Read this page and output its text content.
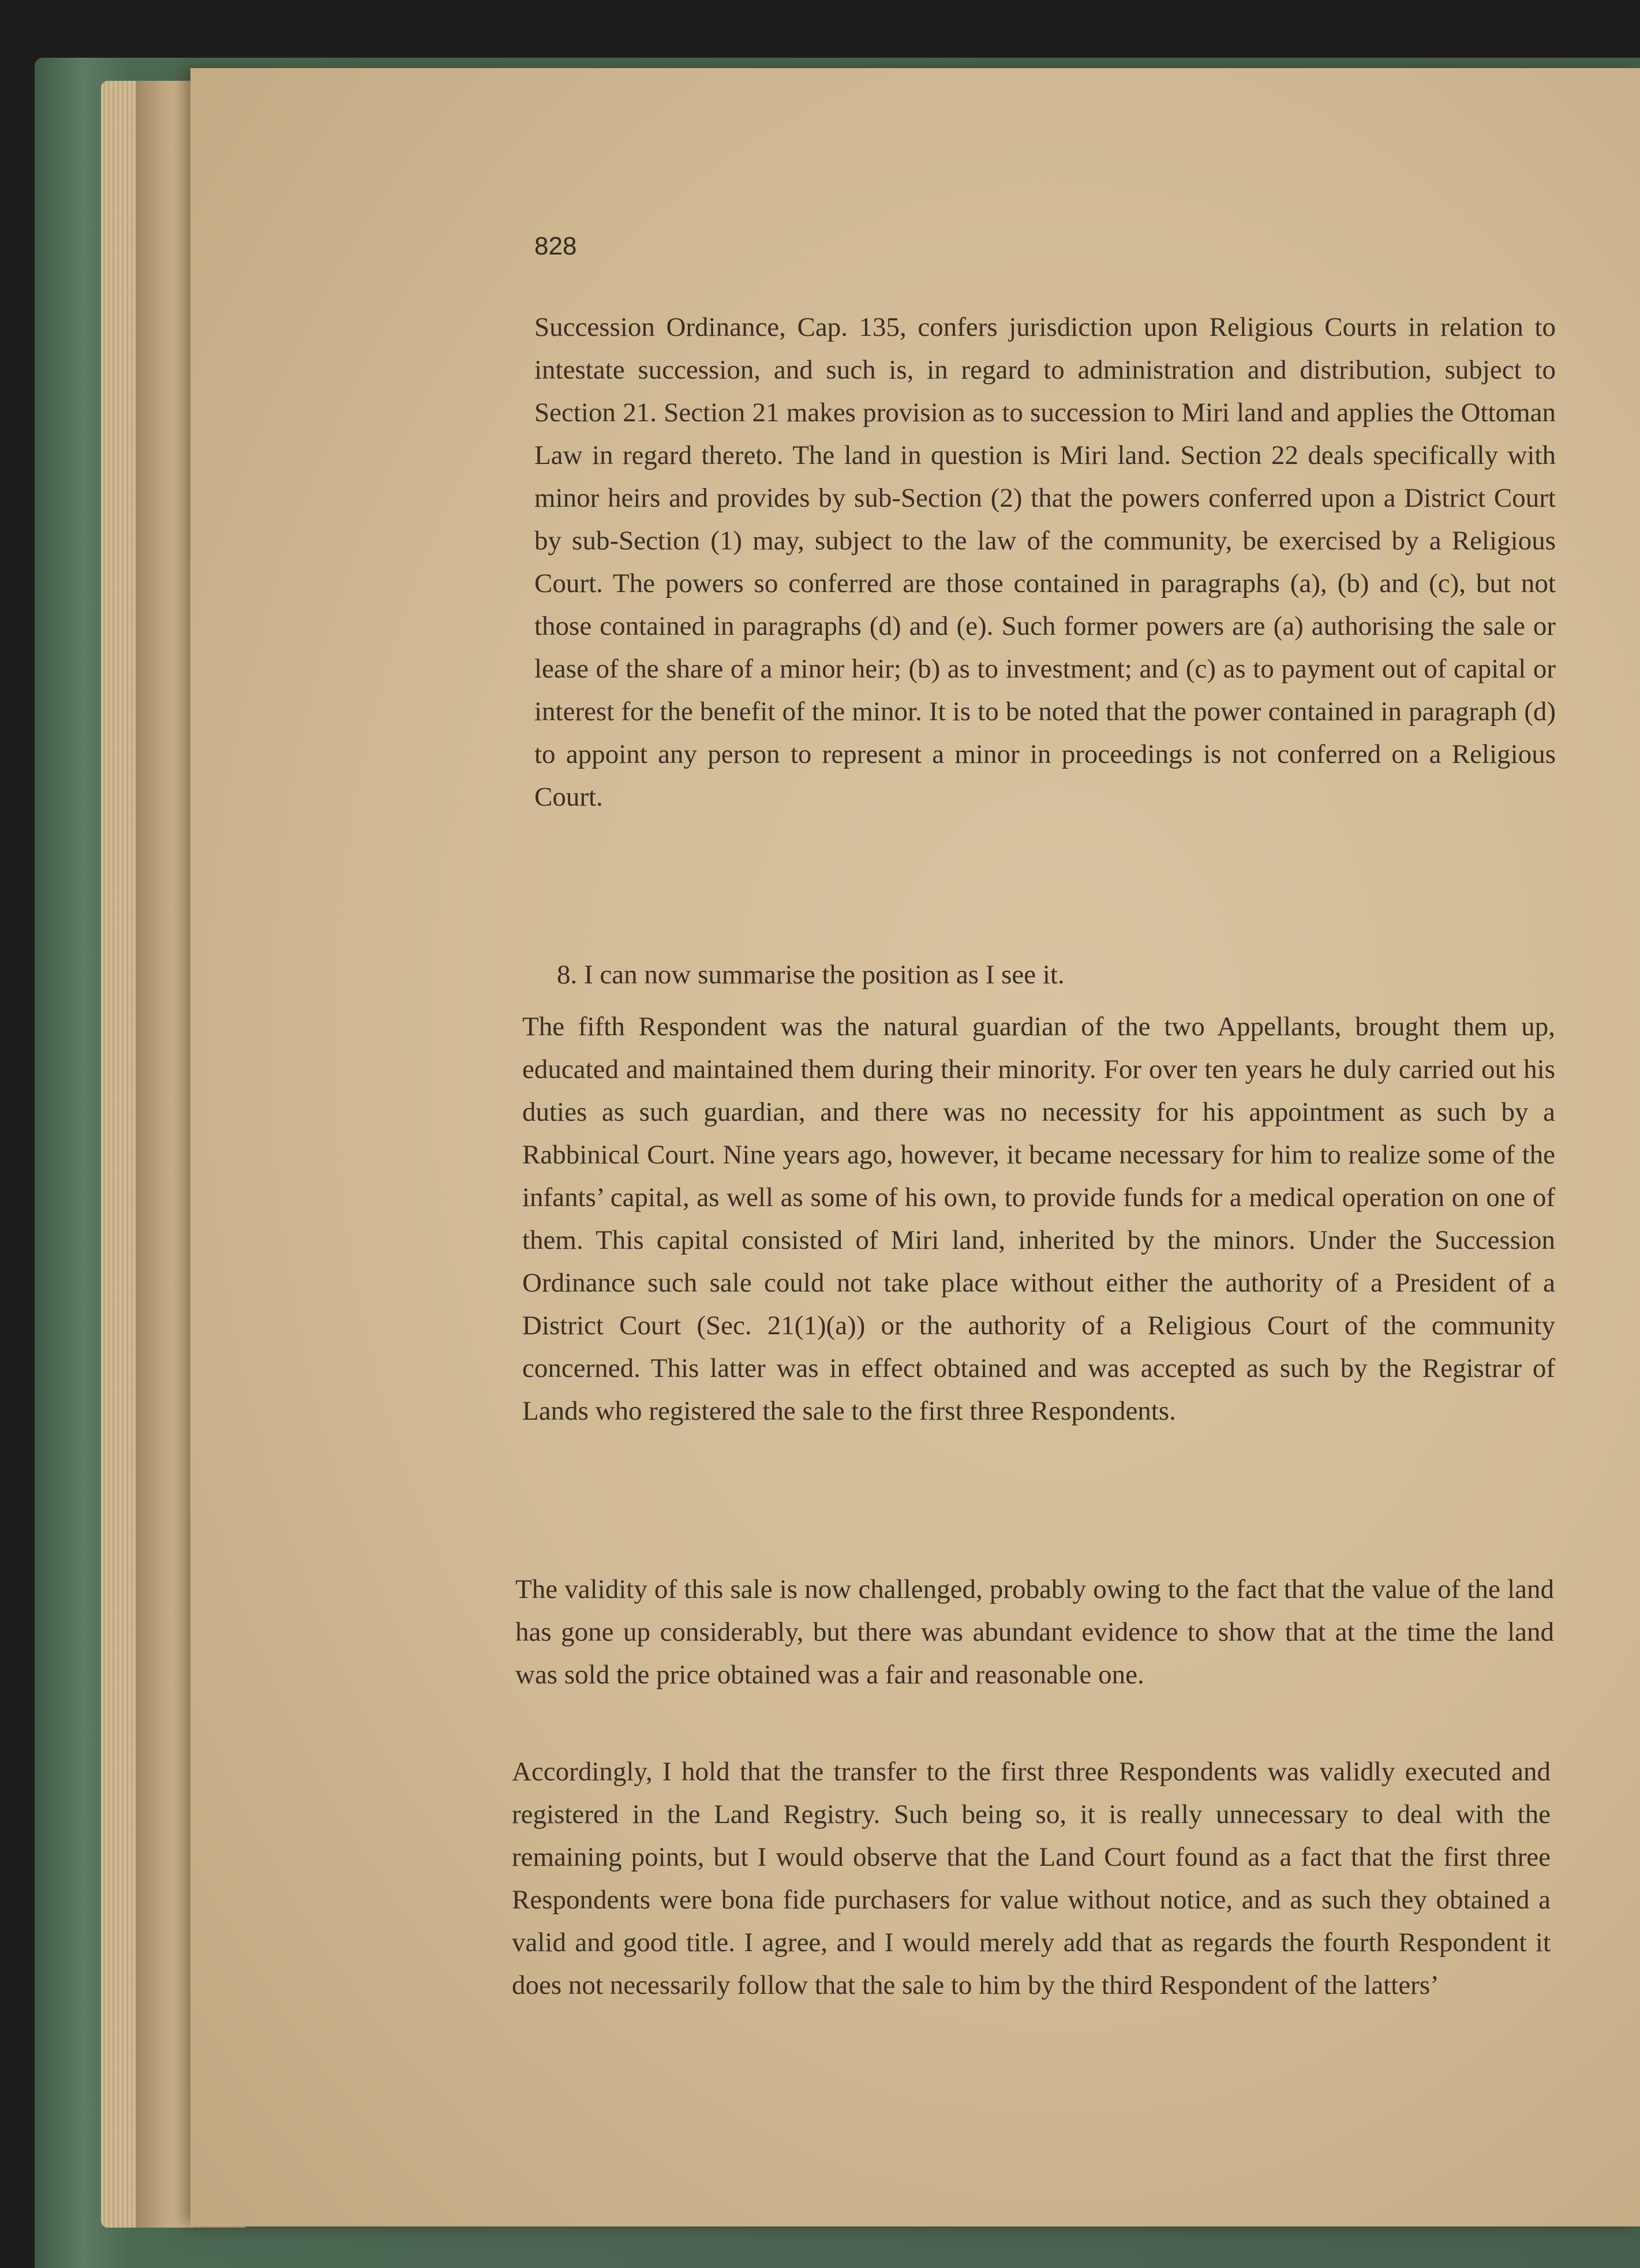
828

Succession Ordinance, Cap. 135, confers jurisdiction upon Religious Courts in relation to intestate succession, and such is, in regard to administration and distribution, subject to Section 21. Section 21 makes provision as to succession to Miri land and applies the Ottoman Law in regard thereto. The land in question is Miri land. Section 22 deals specifically with minor heirs and provides by sub-Section (2) that the powers conferred upon a District Court by sub-Section (1) may, subject to the law of the community, be exercised by a Religious Court. The powers so conferred are those contained in paragraphs (a), (b) and (c), but not those contained in paragraphs (d) and (e). Such former powers are (a) authorising the sale or lease of the share of a minor heir; (b) as to investment; and (c) as to payment out of capital or interest for the benefit of the minor. It is to be noted that the power contained in paragraph (d) to appoint any person to represent a minor in proceedings is not conferred on a Religious Court.

8. I can now summarise the position as I see it.

The fifth Respondent was the natural guardian of the two Appellants, brought them up, educated and maintained them during their minority. For over ten years he duly carried out his duties as such guardian, and there was no necessity for his appointment as such by a Rabbinical Court. Nine years ago, however, it became necessary for him to realize some of the infants’ capital, as well as some of his own, to provide funds for a medical operation on one of them. This capital consisted of Miri land, inherited by the minors. Under the Succession Ordinance such sale could not take place without either the authority of a President of a District Court (Sec. 21(1)(a)) or the authority of a Religious Court of the community concerned. This latter was in effect obtained and was accepted as such by the Registrar of Lands who registered the sale to the first three Respondents.

The validity of this sale is now challenged, probably owing to the fact that the value of the land has gone up considerably, but there was abundant evidence to show that at the time the land was sold the price obtained was a fair and reasonable one.

Accordingly, I hold that the transfer to the first three Respondents was validly executed and registered in the Land Registry. Such being so, it is really unnecessary to deal with the remaining points, but I would observe that the Land Court found as a fact that the first three Respondents were bona fide purchasers for value without notice, and as such they obtained a valid and good title. I agree, and I would merely add that as regards the fourth Respondent it does not necessarily follow that the sale to him by the third Respondent of the latters’
